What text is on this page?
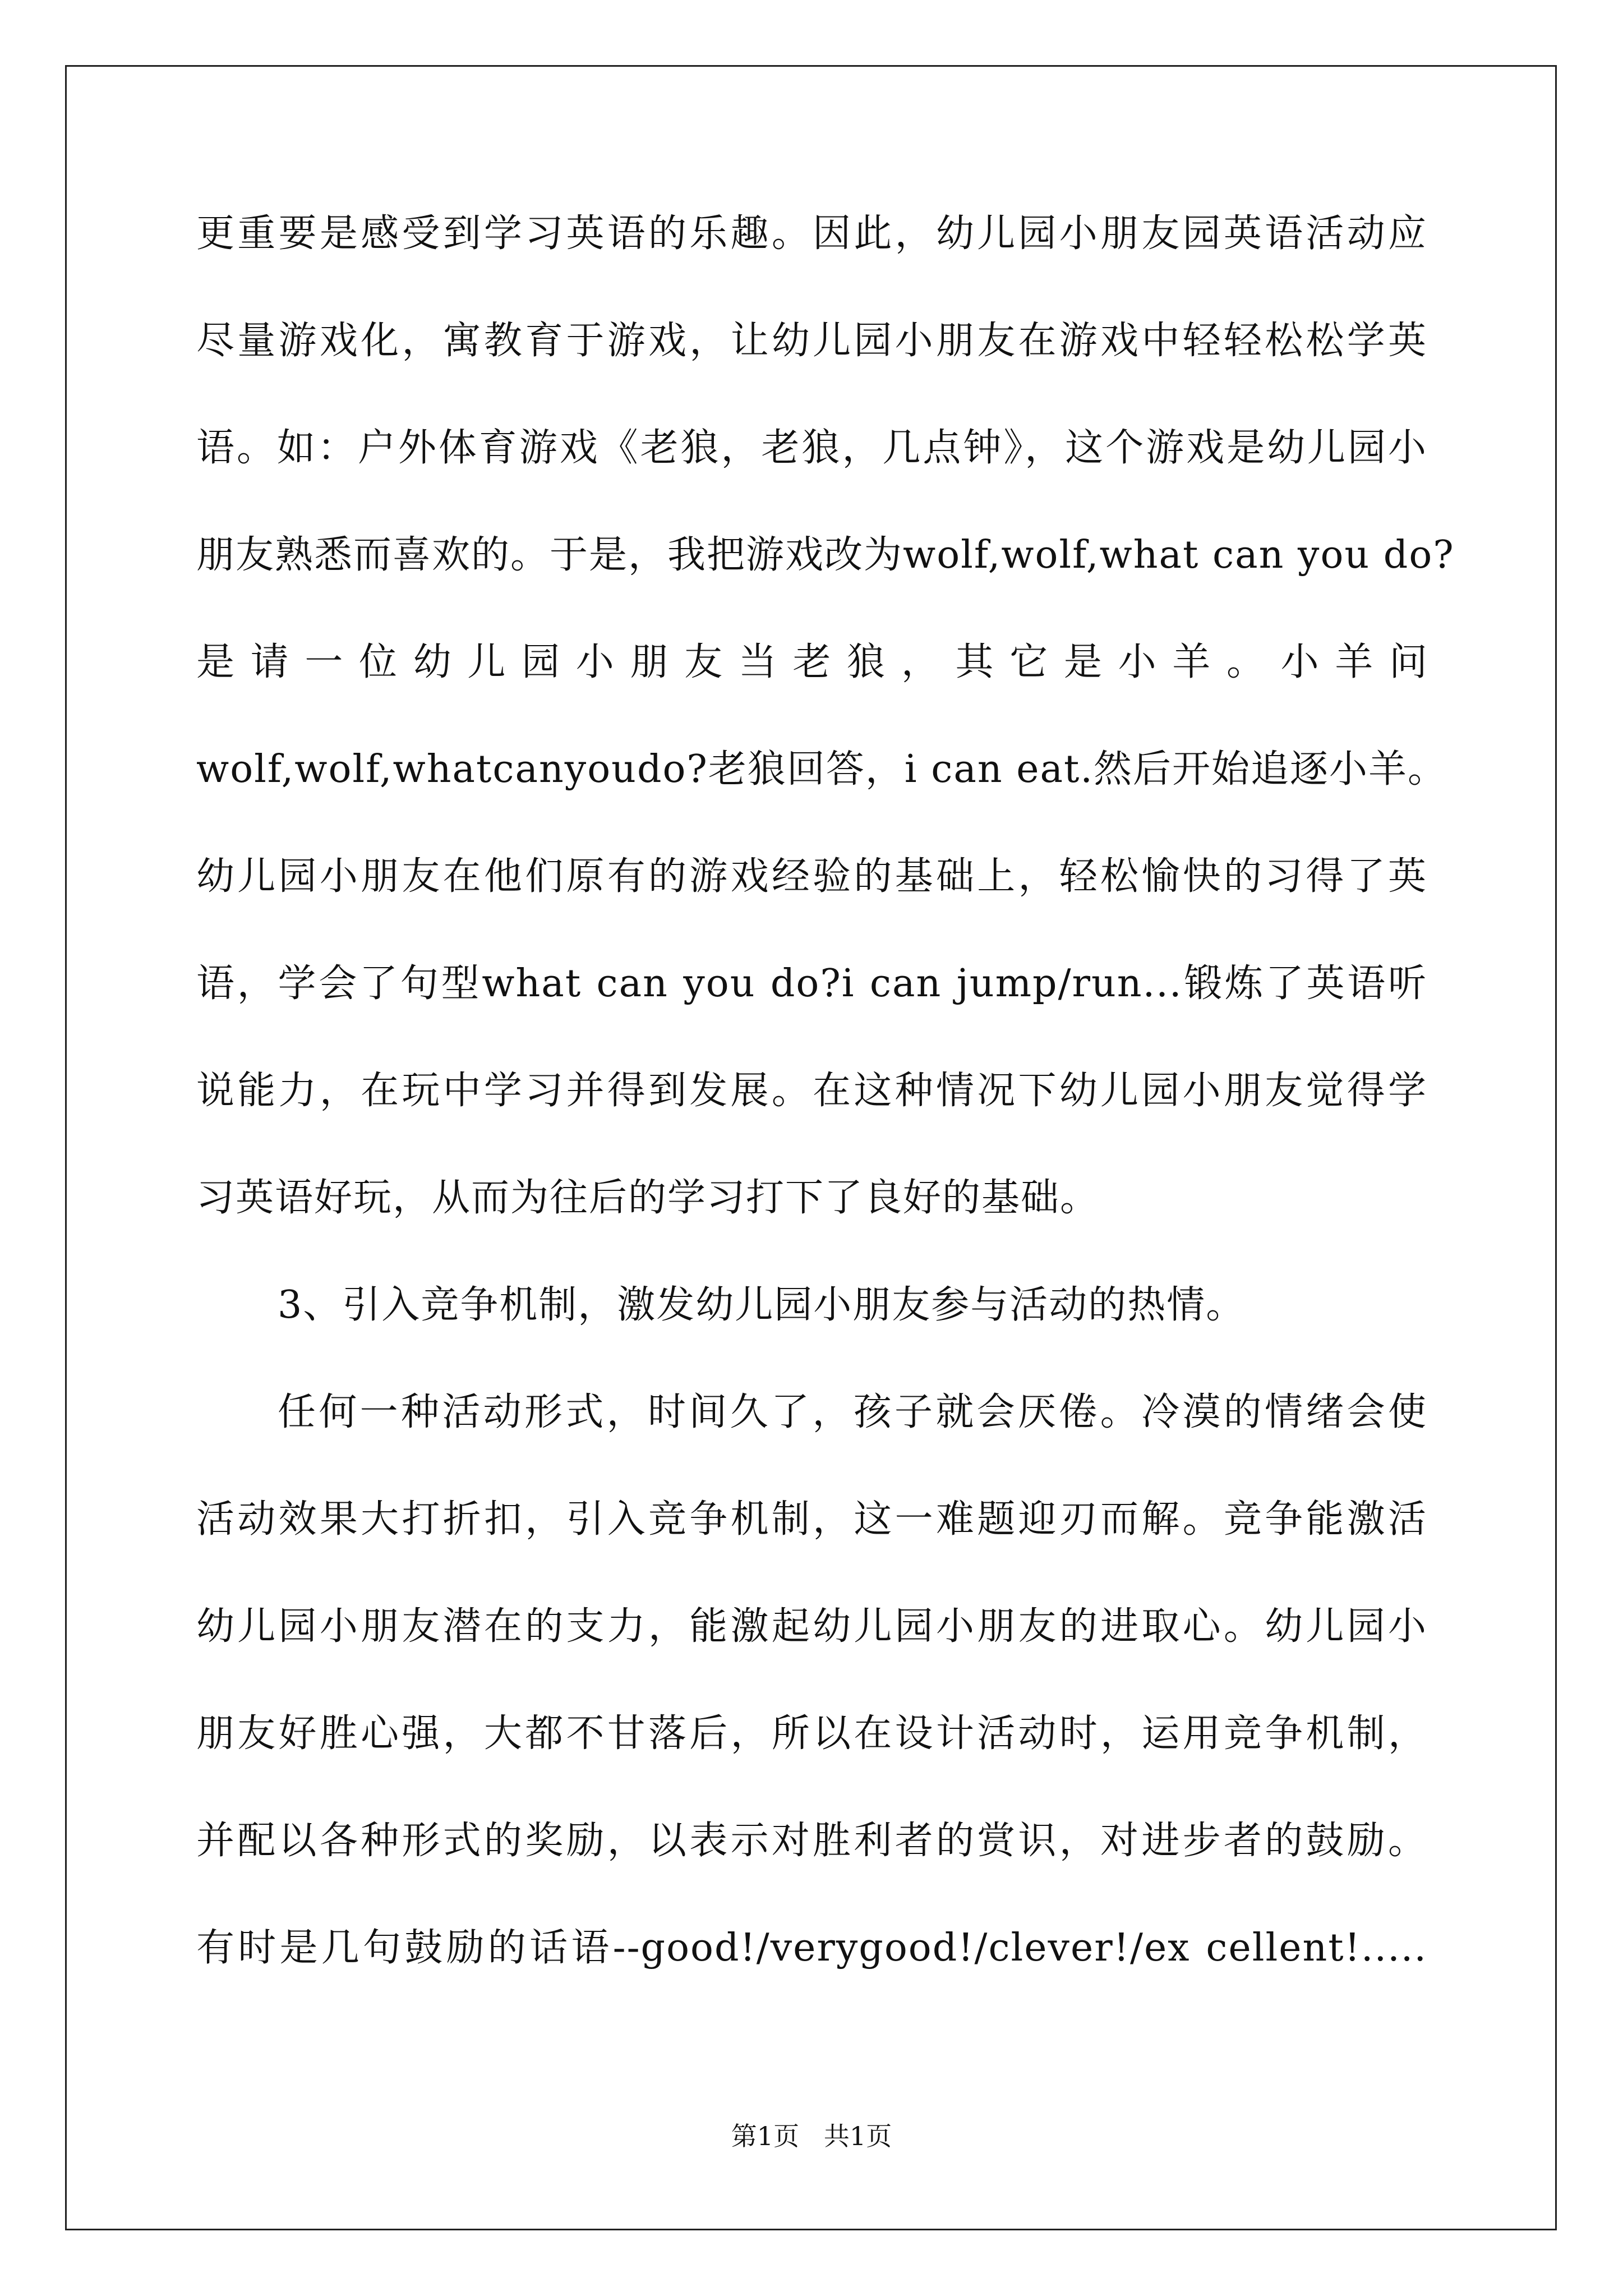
更重要是感受到学习英语的乐趣。因此，幼儿园小朋友园英语活动应
尽量游戏化，寓教育于游戏，让幼儿园小朋友在游戏中轻轻松松学英
语。如：户外体育游戏《老狼，老狼，几点钟》，这个游戏是幼儿园小
朋友熟悉而喜欢的。于是，我把游戏改为wolf,wolf,what can you do?
是请一位幼儿园小朋友当老狼，其它是小羊。小羊问
wolf,wolf,whatcanyoudo?老狼回答，i can eat.然后开始追逐小羊。
幼儿园小朋友在他们原有的游戏经验的基础上，轻松愉快的习得了英
语，学会了句型what can you do?i can jump/run...锻炼了英语听
说能力，在玩中学习并得到发展。在这种情况下幼儿园小朋友觉得学
习英语好玩，从而为往后的学习打下了良好的基础。
3、引入竞争机制，激发幼儿园小朋友参与活动的热情。
任何一种活动形式，时间久了，孩子就会厌倦。冷漠的情绪会使
活动效果大打折扣，引入竞争机制，这一难题迎刃而解。竞争能激活
幼儿园小朋友潜在的支力，能激起幼儿园小朋友的进取心。幼儿园小
朋友好胜心强，大都不甘落后，所以在设计活动时，运用竞争机制，
并配以各种形式的奖励，以表示对胜利者的赏识，对进步者的鼓励。
有时是几句鼓励的话语--good!/verygood!/clever!/ex cellent!.....
第1页   共1页
